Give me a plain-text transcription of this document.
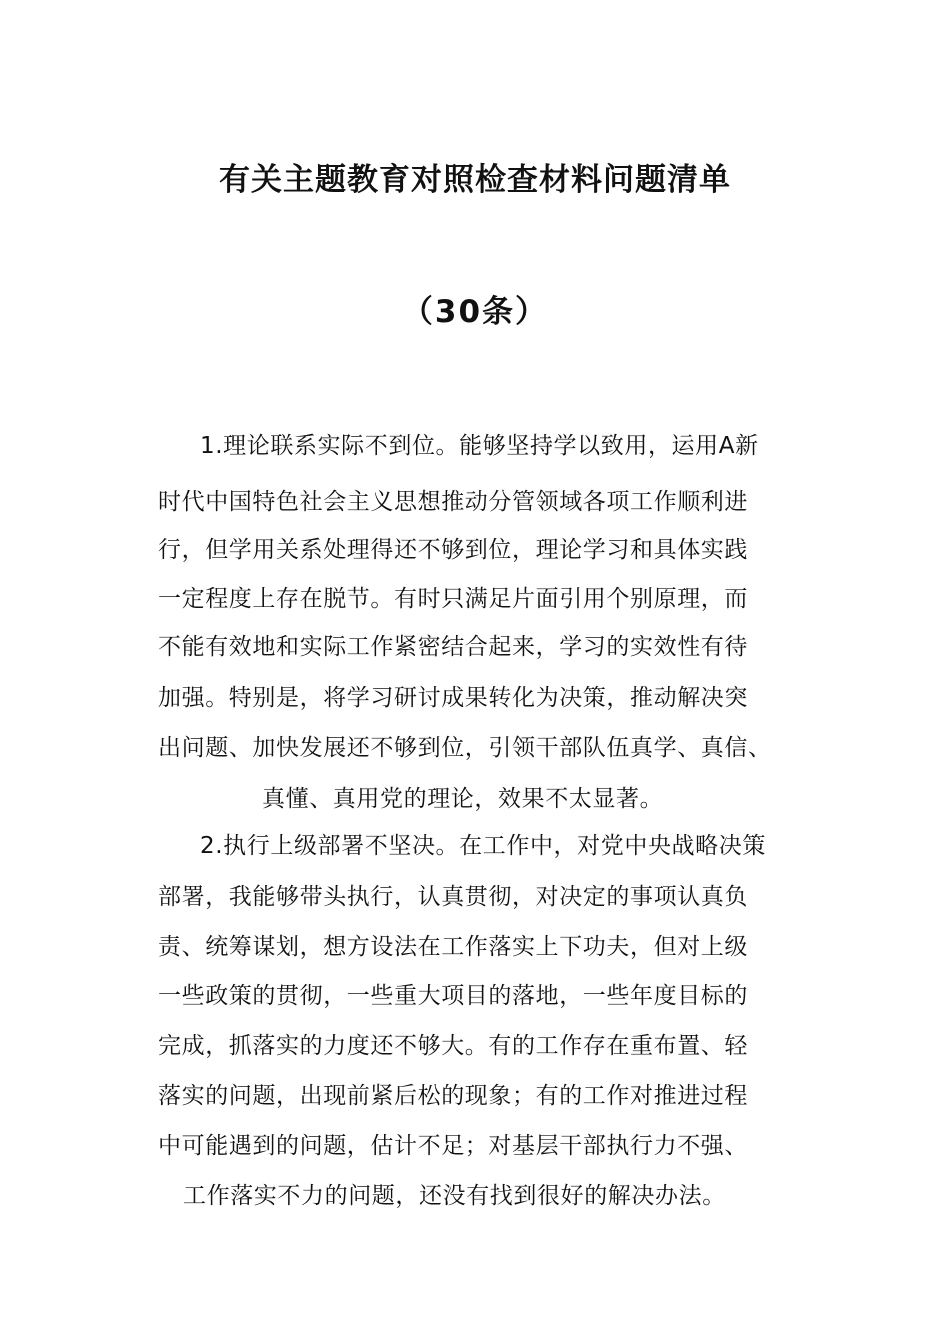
有关主题教育对照检查材料问题清单
（30条）
1.理论联系实际不到位。能够坚持学以致用，运用A新
时代中国特色社会主义思想推动分管领域各项工作顺利进
行，但学用关系处理得还不够到位，理论学习和具体实践
一定程度上存在脱节。有时只满足片面引用个别原理，而
不能有效地和实际工作紧密结合起来，学习的实效性有待
加强。特别是，将学习研讨成果转化为决策，推动解决突
出问题、加快发展还不够到位，引领干部队伍真学、真信、
真懂、真用党的理论，效果不太显著。
2.执行上级部署不坚决。在工作中，对党中央战略决策
部署，我能够带头执行，认真贯彻，对决定的事项认真负
责、统筹谋划，想方设法在工作落实上下功夫，但对上级
一些政策的贯彻，一些重大项目的落地，一些年度目标的
完成，抓落实的力度还不够大。有的工作存在重布置、轻
落实的问题，出现前紧后松的现象；有的工作对推进过程
中可能遇到的问题，估计不足；对基层干部执行力不强、
工作落实不力的问题，还没有找到很好的解决办法。
